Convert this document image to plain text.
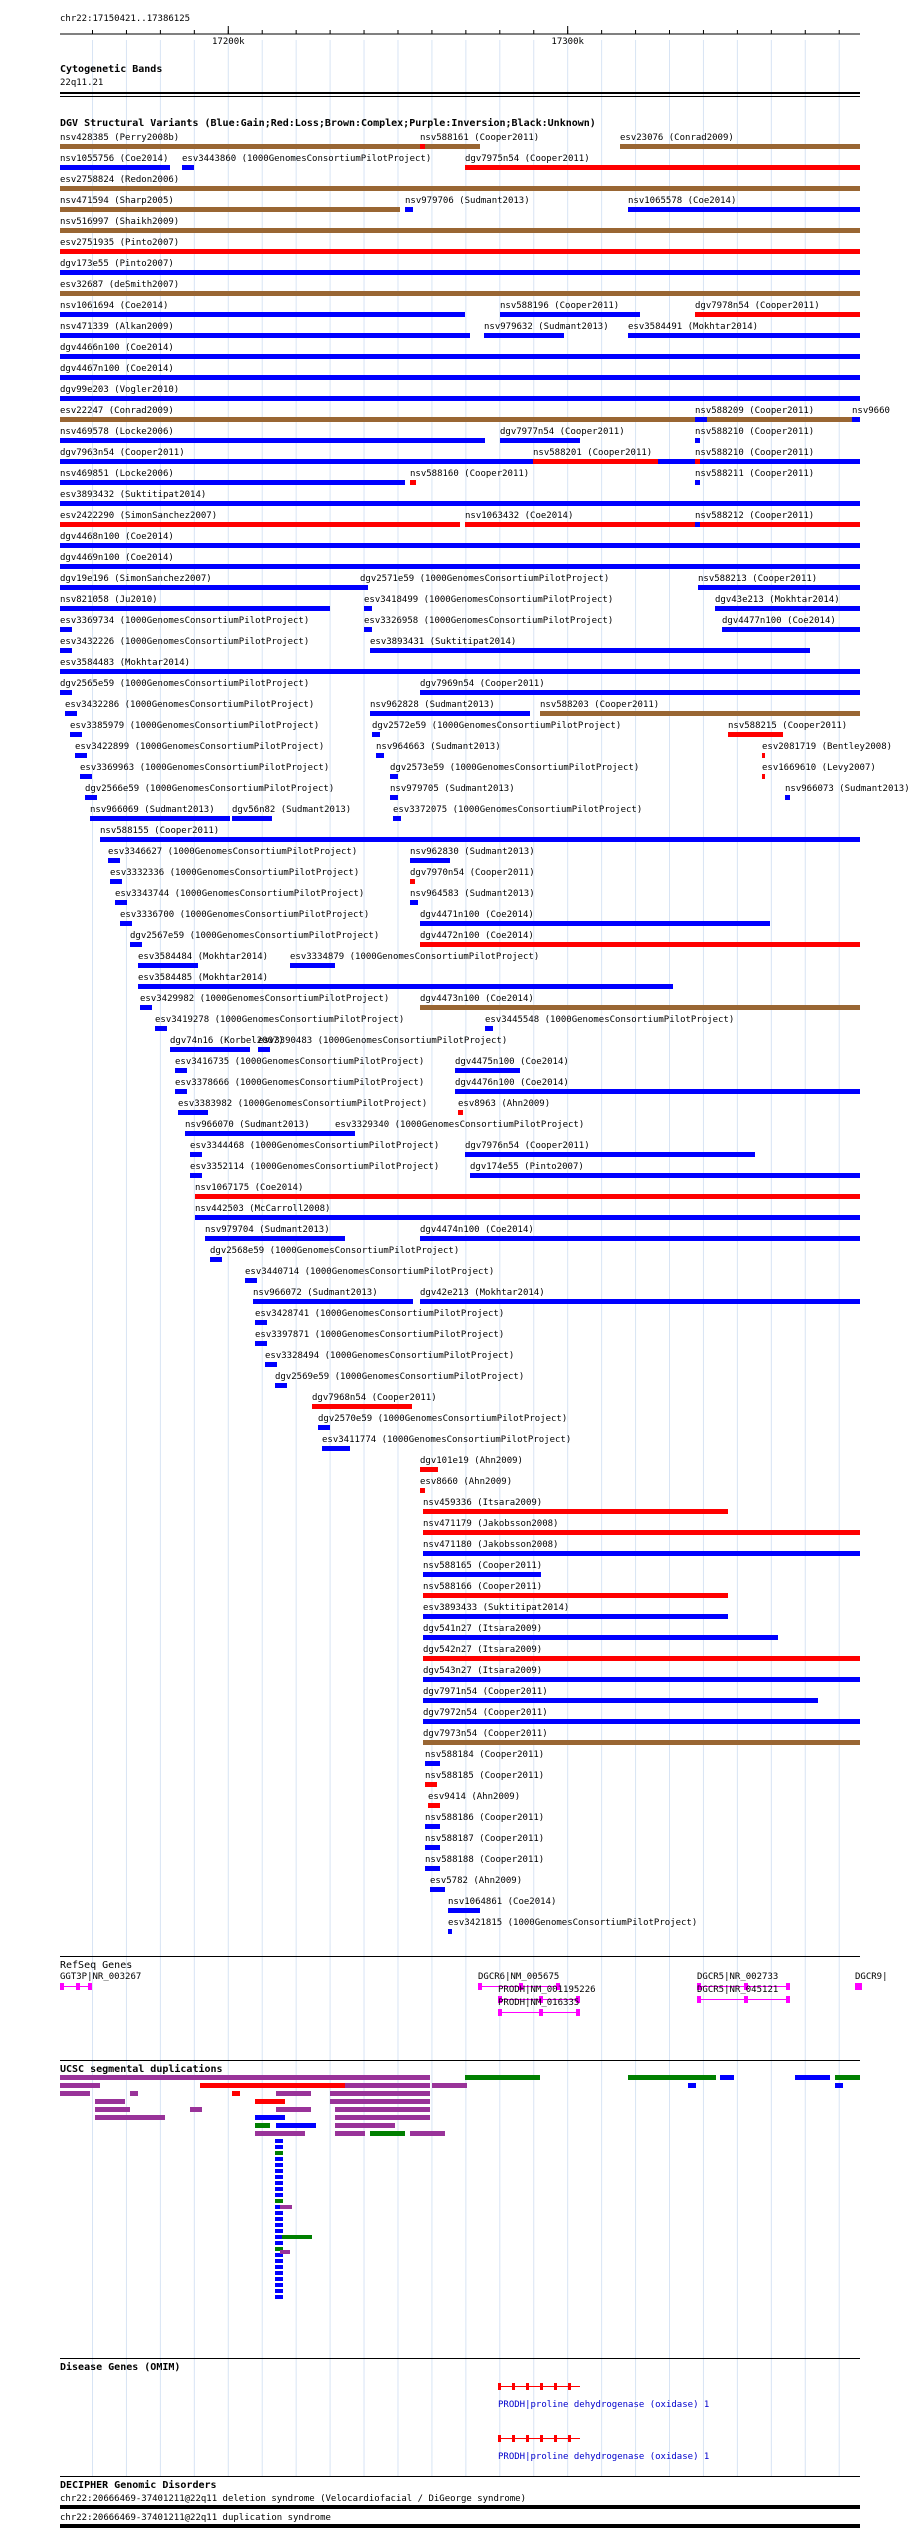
17200k	17300k
chr22:17150421..17386125
Cytogenetic Bands
22q11.21
DGV Structural Variants (Blue:Gain;Red:Loss;Brown:Complex;Purple:Inversion;Black:Unknown)
nsv428385 (Perry2008b)	nsv588161 (Cooper2011)	esv23076 (Conrad2009)
nsv1055756 (Coe2014) esv3443860 (1000GenomesConsortiumPilotProject)	dgv7975n54 (Cooper2011)
esv2758824 (Redon2006)
nsv471594 (Sharp2005)	nsv979706 (Sudmant2013)	nsv1065578 (Coe2014)
nsv516997 (Shaikh2009)
esv2751935 (Pinto2007)
dgv173e55 (Pinto2007)
esv32687 (deSmith2007)
nsv1061694 (Coe2014)	nsv588196 (Cooper2011)	dgv7978n54 (Cooper2011)
nsv471339 (Alkan2009)	nsv979632 (Sudmant2013) esv3584491 (Mokhtar2014)
dgv4466n100 (Coe2014)
dgv4467n100 (Coe2014)
dgv99e203 (Vogler2010)
esv22247 (Conrad2009)	nsv588209 (Cooper2011)	nsv9660
nsv469578 (Locke2006)	dgv7977n54 (Cooper2011)	nsv588210 (Cooper2011)
dgv7963n54 (Cooper2011)	nsv588201 (Cooper2011)	nsv588210 (Cooper2011)
nsv469851 (Locke2006)	nsv588160 (Cooper2011)	nsv588211 (Cooper2011)
esv3893432 (Suktitipat2014)
esv2422290 (SimonSanchez2007)	nsv1063432 (Coe2014)	nsv588212 (Cooper2011)
dgv4468n100 (Coe2014)
dgv4469n100 (Coe2014)
dgv19e196 (SimonSanchez2007)	dgv2571e59 (1000GenomesConsortiumPilotProject)	nsv588213 (Cooper2011)
nsv821058 (Ju2010)	esv3418499 (1000GenomesConsortiumPilotProject)	dgv43e213 (Mokhtar2014)
esv3369734 (1000GenomesConsortiumPilotProject)	esv3326958 (1000GenomesConsortiumPilotProject)	dgv4477n100 (Coe2014)
esv3432226 (1000GenomesConsortiumPilotProject)	esv3893431 (Suktitipat2014)
esv3584483 (Mokhtar2014)
dgv2565e59 (1000GenomesConsortiumPilotProject)	dgv7969n54 (Cooper2011)
esv3432286 (1000GenomesConsortiumPilotProject)	nsv962828 (Sudmant2013)	nsv588203 (Cooper2011)
esv3385979 (1000GenomesConsortiumPilotProject)	dgv2572e59 (1000GenomesConsortiumPilotProject)	nsv588215 (Cooper2011)
esv3422899 (1000GenomesConsortiumPilotProject)	nsv964663 (Sudmant2013)	esv2081719 (Bentley2008)
esv3369963 (1000GenomesConsortiumPilotProject)	dgv2573e59 (1000GenomesConsortiumPilotProject)	esv1669610 (Levy2007)
dgv2566e59 (1000GenomesConsortiumPilotProject)	nsv979705 (Sudmant2013)	nsv966073 (Sudmant2013)
nsv966069 (Sudmant2013) dgv56n82 (Sudmant2013)	esv3372075 (1000GenomesConsortiumPilotProject)
nsv588155 (Cooper2011)
esv3346627 (1000GenomesConsortiumPilotProject)	nsv962830 (Sudmant2013)
esv3332336 (1000GenomesConsortiumPilotProject)	dgv7970n54 (Cooper2011)
esv3343744 (1000GenomesConsortiumPilotProject)	nsv964583 (Sudmant2013)
esv3336700 (1000GenomesConsortiumPilotProject)	dgv4471n100 (Coe2014)
dgv2567e59 (1000GenomesConsortiumPilotProject)	dgv4472n100 (Coe2014)
esv3584484 (Mokhtar2014) esv3334879 (1000GenomesConsortiumPilotProject)
esv3584485 (Mokhtar2014)
esv3429982 (1000GenomesConsortiumPilotProject)	dgv4473n100 (Coe2014)
esv3419278 (1000GenomesConsortiumPilotProject)	esv3445548 (1000GenomesConsortiumPilotProject)
dgv74n16 (Korbel2007)
esv3390483 (1000GenomesConsortiumPilotProject)
esv3416735 (1000GenomesConsortiumPilotProject)	dgv4475n100 (Coe2014)
esv3378666 (1000GenomesConsortiumPilotProject)	dgv4476n100 (Coe2014)
esv3383982 (1000GenomesConsortiumPilotProject)	esv8963 (Ahn2009)
nsv966070 (Sudmant2013)	esv3329340 (1000GenomesConsortiumPilotProject)
esv3344468 (1000GenomesConsortiumPilotProject)	dgv7976n54 (Cooper2011)
esv3352114 (1000GenomesConsortiumPilotProject)	dgv174e55 (Pinto2007)
nsv1067175 (Coe2014)
nsv442503 (McCarroll2008)
nsv979704 (Sudmant2013)	dgv4474n100 (Coe2014)
dgv2568e59 (1000GenomesConsortiumPilotProject)
esv3440714 (1000GenomesConsortiumPilotProject)
nsv966072 (Sudmant2013)	dgv42e213 (Mokhtar2014)
esv3428741 (1000GenomesConsortiumPilotProject)
esv3397871 (1000GenomesConsortiumPilotProject)
esv3328494 (1000GenomesConsortiumPilotProject)
dgv2569e59 (1000GenomesConsortiumPilotProject)
dgv7968n54 (Cooper2011)
dgv2570e59 (1000GenomesConsortiumPilotProject)
esv3411774 (1000GenomesConsortiumPilotProject)
dgv101e19 (Ahn2009)
esv8660 (Ahn2009)
nsv459336 (Itsara2009)
nsv471179 (Jakobsson2008)
nsv471180 (Jakobsson2008)
nsv588165 (Cooper2011)
nsv588166 (Cooper2011)
esv3893433 (Suktitipat2014)
dgv541n27 (Itsara2009)
dgv542n27 (Itsara2009)
dgv543n27 (Itsara2009)
dgv7971n54 (Cooper2011)
dgv7972n54 (Cooper2011)
dgv7973n54 (Cooper2011)
nsv588184 (Cooper2011)
nsv588185 (Cooper2011)
esv9414 (Ahn2009)
nsv588186 (Cooper2011)
nsv588187 (Cooper2011)
nsv588188 (Cooper2011)
esv5782 (Ahn2009)
nsv1064861 (Coe2014)
esv3421815 (1000GenomesConsortiumPilotProject)
RefSeq Genes
GGT3P|NR_003267	DGCR6|NM_005675
PRODH|NM_001195226
PRODH|NM_016335
DGCR5|NR_002733
DGCR5|NR_045121
DGCR9|
UCSC segmental duplications
Disease Genes (OMIM)
PRODH|proline dehydrogenase (oxidase) 1
PRODH|proline dehydrogenase (oxidase) 1
DECIPHER Genomic Disorders
chr22:20666469-37401211@22q11 deletion syndrome (Velocardiofacial / DiGeorge syndrome)
chr22:20666469-37401211@22q11 duplication syndrome
